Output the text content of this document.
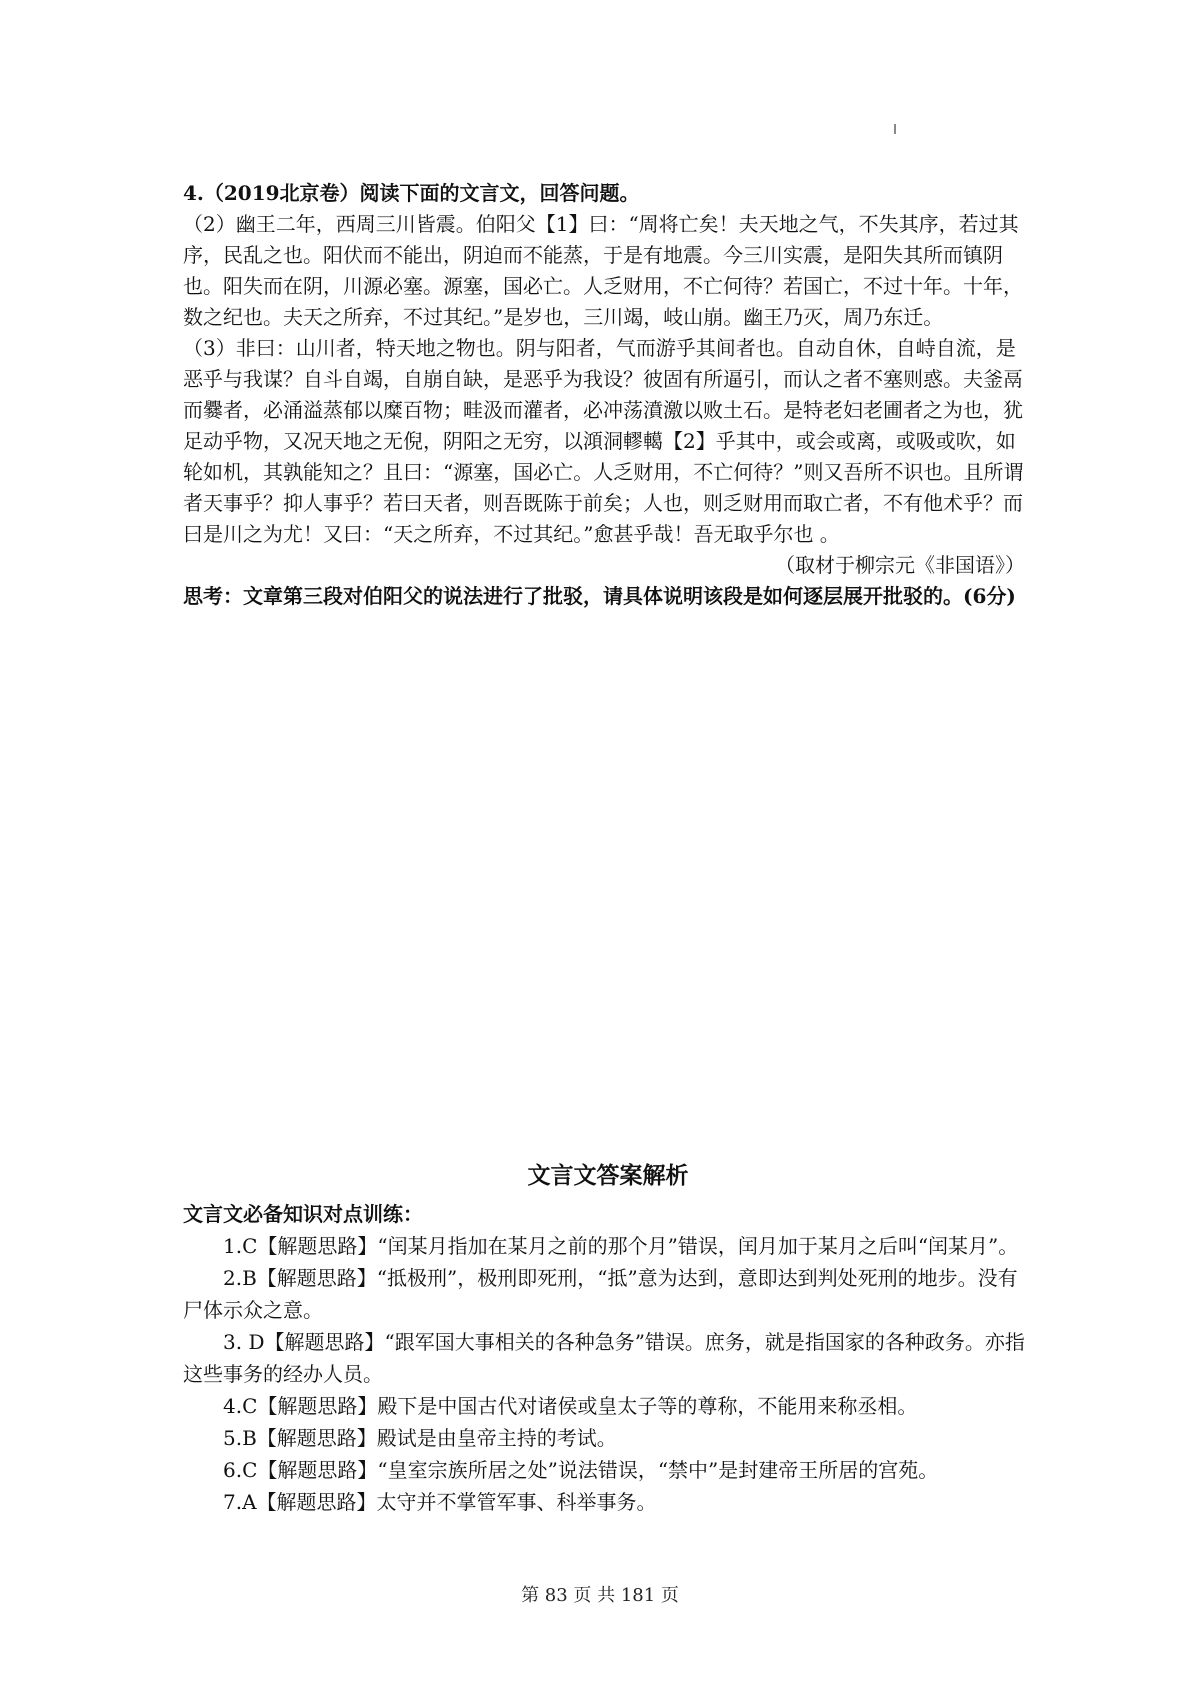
4.（2019北京卷）阅读下面的文言文，回答问题。

（2）幽王二年，西周三川皆震。伯阳父【1】曰：“周将亡矣！夫天地之气，不失其序，若过其序，民乱之也。阳伏而不能出，阴迫而不能蒸，于是有地震。今三川实震，是阳失其所而镇阴也。阳失而在阴，川源必塞。源塞，国必亡。人乏财用，不亡何待？若国亡，不过十年。十年，数之纪也。夫天之所弃，不过其纪。”是岁也，三川竭，岐山崩。幽王乃灭，周乃东迁。

（3）非曰：山川者，特天地之物也。阴与阳者，气而游乎其间者也。自动自休，自峙自流，是恶乎与我谋？自斗自竭，自崩自缺，是恶乎为我设？彼固有所逼引，而认之者不塞则惑。夫釜鬲而爨者，必涌溢蒸郁以糜百物；畦汲而灌者，必冲荡濆激以败土石。是特老妇老圃者之为也，犹足动乎物，又况天地之无倪，阴阳之无穷，以澒洞轇轕【2】乎其中，或会或离，或吸或吹，如轮如机，其孰能知之？且曰：“源塞，国必亡。人乏财用，不亡何待？”则又吾所不识也。且所谓者天事乎？抑人事乎？若曰天者，则吾既陈于前矣；人也，则乏财用而取亡者，不有他术乎？而曰是川之为尤！又曰：“天之所弃，不过其纪。”愈甚乎哉！吾无取乎尔也 。

（取材于柳宗元《非国语》）

思考：文章第三段对伯阳父的说法进行了批驳，请具体说明该段是如何逐层展开批驳的。(6分)

文言文答案解析

文言文必备知识对点训练：

1.C【解题思路】“闰某月指加在某月之前的那个月”错误，闰月加于某月之后叫“闰某月”。

2.B【解题思路】“抵极刑”，极刑即死刑，“抵”意为达到，意即达到判处死刑的地步。没有尸体示众之意。

3. D【解题思路】“跟军国大事相关的各种急务”错误。庶务，就是指国家的各种政务。亦指这些事务的经办人员。

4.C【解题思路】殿下是中国古代对诸侯或皇太子等的尊称，不能用来称丞相。

5.B【解题思路】殿试是由皇帝主持的考试。

6.C【解题思路】“皇室宗族所居之处”说法错误，“禁中”是封建帝王所居的宫苑。

7.A【解题思路】太守并不掌管军事、科举事务。

第 83 页 共 181 页
